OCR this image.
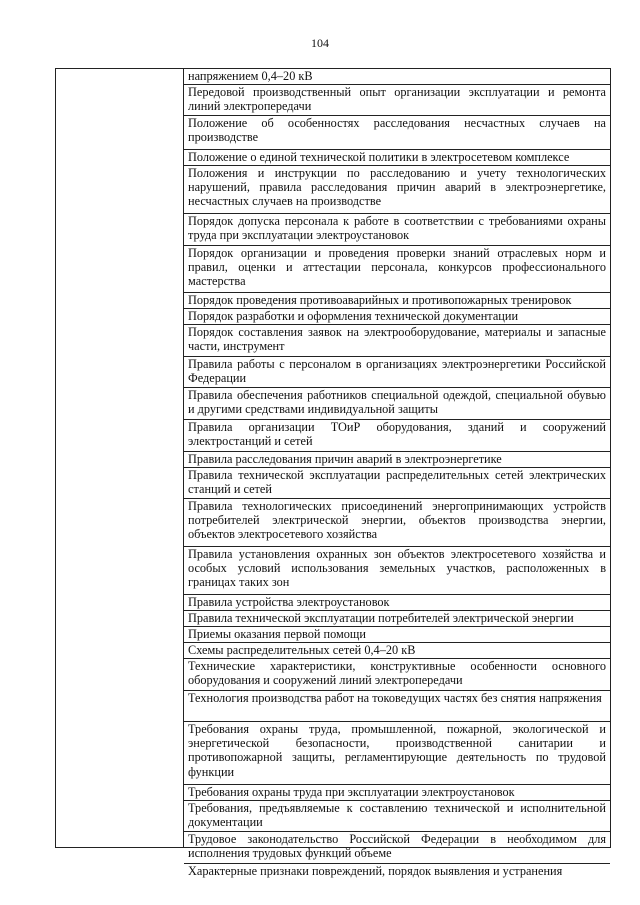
104
напряжением 0,4–20 кВ
Передовой производственный опыт организации эксплуатации и ремонта линий электропередачи
Положение об особенностях расследования несчастных случаев на производстве
Положение о единой технической политики в электросетевом комплексе
Положения и инструкции по расследованию и учету технологических нарушений, правила расследования причин аварий в электроэнергетике, несчастных случаев на производстве
Порядок допуска персонала к работе в соответствии с требованиями охраны труда при эксплуатации электроустановок
Порядок организации и проведения проверки знаний отраслевых норм и правил, оценки и аттестации персонала, конкурсов профессионального мастерства
Порядок проведения противоаварийных и противопожарных тренировок
Порядок разработки и оформления технической документации
Порядок составления заявок на электрооборудование, материалы и запасные части, инструмент
Правила работы с персоналом в организациях электроэнергетики Российской Федерации
Правила обеспечения работников специальной одеждой, специальной обувью и другими средствами индивидуальной защиты
Правила организации ТОиР оборудования, зданий и сооружений электростанций и сетей
Правила расследования причин аварий в электроэнергетике
Правила технической эксплуатации распределительных сетей электрических станций и сетей
Правила технологических присоединений энергопринимающих устройств потребителей электрической энергии, объектов производства энергии, объектов электросетевого хозяйства
Правила установления охранных зон объектов электросетевого хозяйства и особых условий использования земельных участков, расположенных в границах таких зон
Правила устройства электроустановок
Правила технической эксплуатации потребителей электрической энергии
Приемы оказания первой помощи
Схемы распределительных сетей 0,4–20 кВ
Технические характеристики, конструктивные особенности основного оборудования и сооружений линий электропередачи
Технология производства работ на токоведущих частях без снятия напряжения
Требования охраны труда, промышленной, пожарной, экологической и энергетической безопасности, производственной санитарии и противопожарной защиты, регламентирующие деятельность по трудовой функции
Требования охраны труда при эксплуатации электроустановок
Требования, предъявляемые к составлению технической и исполнительной документации
Трудовое законодательство Российской Федерации в необходимом для исполнения трудовых функций объеме
Характерные признаки повреждений, порядок выявления и устранения
